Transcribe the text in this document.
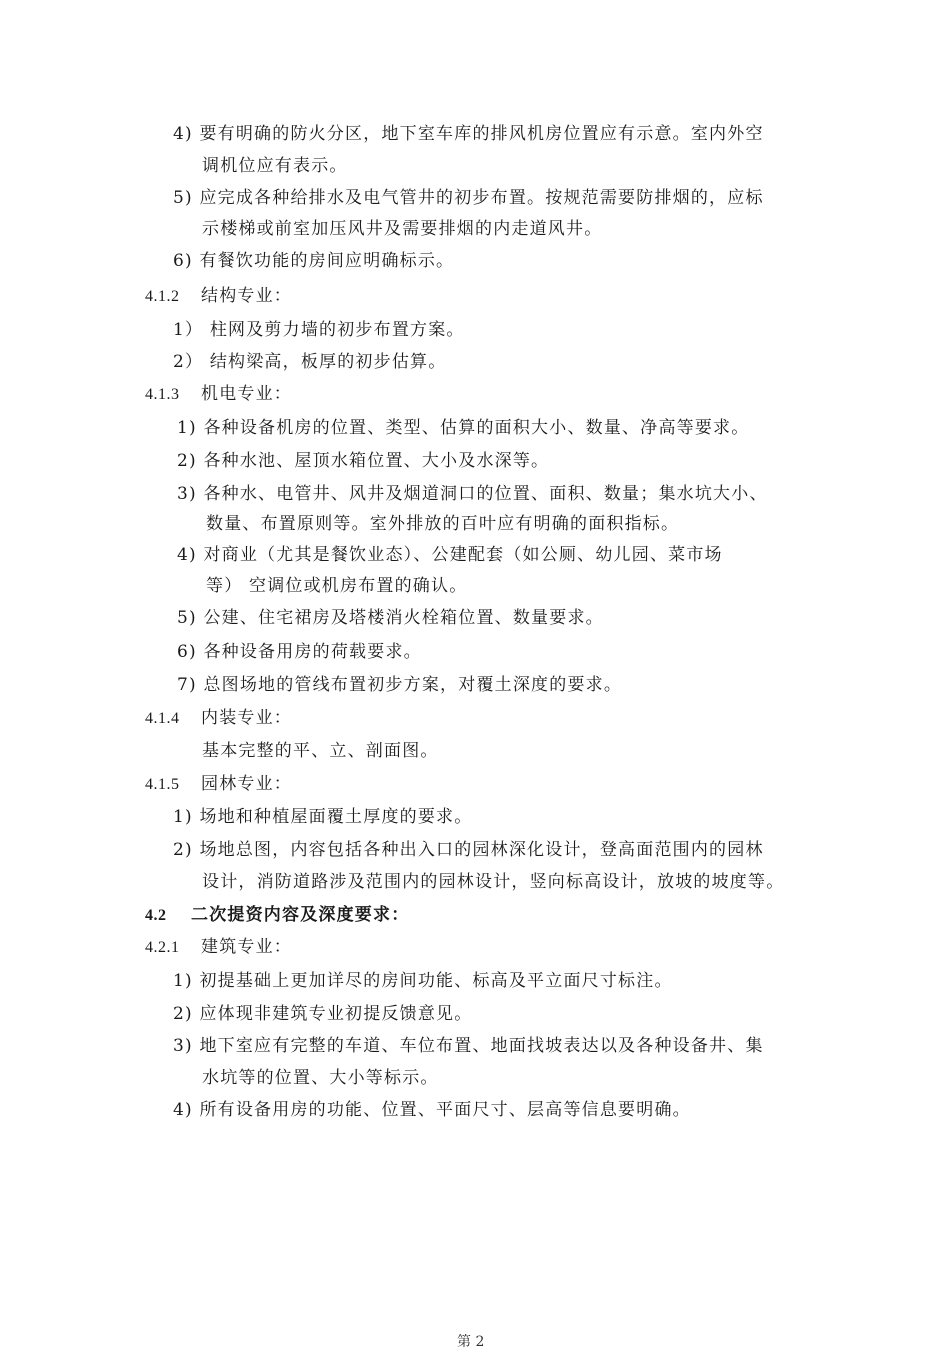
4) 要有明确的防火分区，地下室车库的排风机房位置应有示意。室内外空
调机位应有表示。
5) 应完成各种给排水及电气管井的初步布置。按规范需要防排烟的，应标
示楼梯或前室加压风井及需要排烟的内走道风井。
6) 有餐饮功能的房间应明确标示。
4.1.2 结构专业：
1） 柱网及剪力墙的初步布置方案。
2） 结构梁高，板厚的初步估算。
4.1.3 机电专业：
1) 各种设备机房的位置、类型、估算的面积大小、数量、净高等要求。
2) 各种水池、屋顶水箱位置、大小及水深等。
3) 各种水、电管井、风井及烟道洞口的位置、面积、数量；集水坑大小、
数量、布置原则等。室外排放的百叶应有明确的面积指标。
4) 对商业（尤其是餐饮业态）、公建配套（如公厕、幼儿园、菜市场
等） 空调位或机房布置的确认。
5) 公建、住宅裙房及塔楼消火栓箱位置、数量要求。
6) 各种设备用房的荷载要求。
7) 总图场地的管线布置初步方案，对覆土深度的要求。
4.1.4 内装专业：
基本完整的平、立、剖面图。
4.1.5 园林专业：
1) 场地和种植屋面覆土厚度的要求。
2) 场地总图，内容包括各种出入口的园林深化设计，登高面范围内的园林
设计，消防道路涉及范围内的园林设计，竖向标高设计，放坡的坡度等。
4.2 二次提资内容及深度要求：
4.2.1 建筑专业：
1) 初提基础上更加详尽的房间功能、标高及平立面尺寸标注。
2) 应体现非建筑专业初提反馈意见。
3) 地下室应有完整的车道、车位布置、地面找坡表达以及各种设备井、集
水坑等的位置、大小等标示。
4) 所有设备用房的功能、位置、平面尺寸、层高等信息要明确。
第 2
